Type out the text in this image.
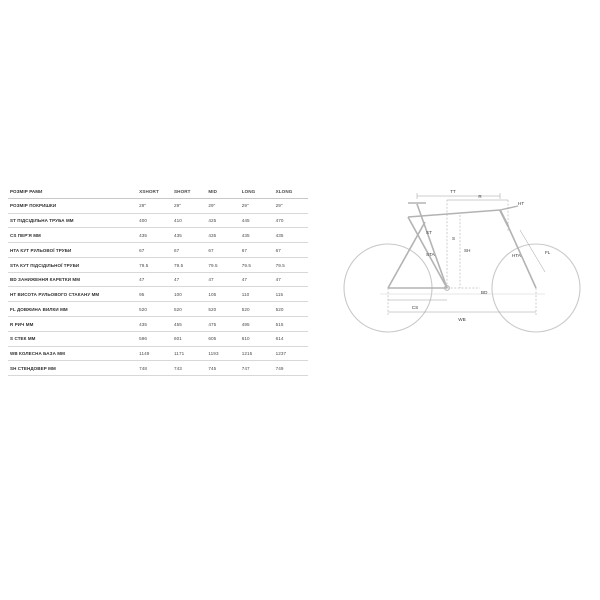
РОЗМІР РАМИ	XSHORT	SHORT	MID	LONG	XLONG
РОЗМІР ПОКРИШКИ	29"	29"	29"	29"	29"
ST ПІДСІДІЛЬНА ТРУБА ММ	400	410	425	445	470
CS ПЕР'Я ММ	435	435	435	435	435
HTA КУТ РУЛЬОВОЇ ТРУБИ	67	67	67	67	67
STA КУТ ПІДСІДІЛЬНОЇ ТРУБИ	79.5	79.5	79.5	79.5	79.5
BD ЗАНИЖЕННЯ КАРЕТКИ ММ	47	47	47	47	47
HT ВИСОТА РУЛЬОВОГО СТАКАНУ ММ	95	100	105	110	115
FL ДОВЖИНА ВИЛКИ ММ	520	520	520	520	520
R РИЧ ММ	435	455	475	495	515
S СТЕК ММ	596	601	605	610	614
WB КОЛЕСНА БАЗА ММ	1149	1171	1193	1215	1237
SH СТЕНДОВЕР ММ	748	743	745	747	749
TT
R
HT
S
SH
ST
STA	HTA
FL
BD
CS
WB
